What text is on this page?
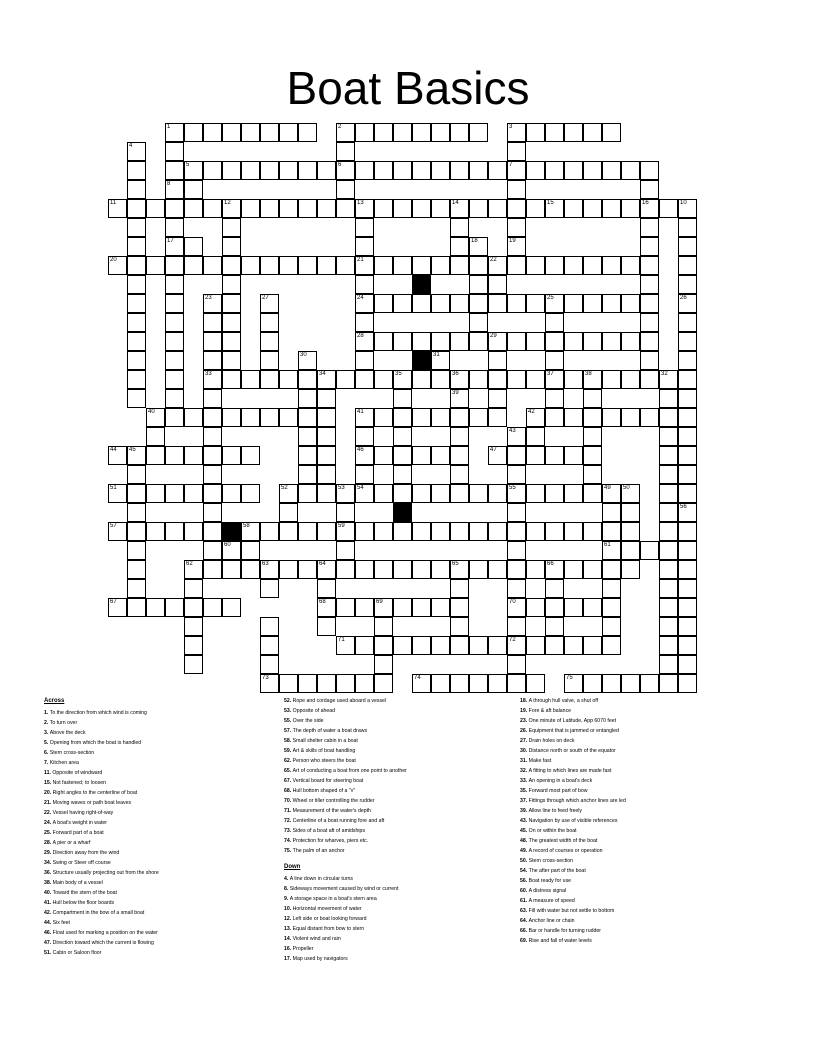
Boat Basics
1	2	3
4
5	6	7
8
11	12	13	14	15	16	10
17	18	19
20	21	22
23	27	24	25	26
28	29
30	31
33	34	35	36	37	38	32
39
40	41	42
43
44 45	46	47
51	52	53 54	55	49 50
56
57	58	59
60	61
62	63	64	65	66
67	68	69	70
71	72
73	74	75
Across
1. To the direction from which wind is coming
2. To turn over
3. Above the deck
5. Opening from which the boat is handled
6. Stern cross-section
7. Kitchen area
11. Opposite of windward
15. Not fastened; to loosen
20. Right angles to the centerline of boat
21. Moving waves or path boat leaves
22. Vessel having right-of-way
24. A boat's weight in water
25. Forward part of a boat
28. A pier or a wharf
29. Direction away from the wind
34. Swing or Steer off course
36. Structure usually projecting out from the shore
38. Main body of a vessel
40. Toward the stern of the boat
41. Hull below the floor boards
42. Compartment in the bow of a small boat
44. Six feet
46. Float used for marking a position on the water
47. Direction toward which the current is flowing
51. Cabin or Saloon floor
52. Rope and cordage used aboard a vessel
53. Opposite of ahead
55. Over the side
57. The depth of water a boat draws
58. Small shelter cabin in a boat
59. Art & skills of boat handling
62. Person who steers the boat
65. Art of conducting a boat from one point to another
67. Vertical board for steering boat
68. Hull bottom shaped of a "v"
70. Wheel or tiller controlling the rudder
71. Measurement of the water's depth
72. Centerline of a boat running fore and aft
73. Sides of a boat aft of amidships
74. Protection for wharves, piers etc.
75. The palm of an anchor
Down
4. A line down in circular turns
8. Sideways movement caused by wind or current
9. A storage space in a boat's stern area
10. Horizontal movement of water
12. Left side or boat looking forward
13. Equal distant from bow to stern
14. Violent wind and rain
16. Propeller
17. Map used by navigators
18. A through hull valve, a shut off
19. Fore & aft balance
23. One minute of Latitude, App 6070 feet
26. Equipment that is jammed or entangled
27. Drain holes on deck
30. Distance north or south of the equator
31. Make fast
32. A fitting to which lines are made fast
33. An opening in a boat's deck
35. Forward most part of bow
37. Fittings through which anchor lines are led
39. Allow line to feed freely
43. Navigation by use of visible references
45. On or within the boat
48. The greatest width of the boat
49. A record of courses or operation
50. Stern cross-section
54. The after part of the boat
56. Boat ready for use
60. A distress signal
61. A measure of speed
63. Fill with water but not settle to bottom
64. Anchor line or chain
66. Bar or handle for turning rudder
69. Rise and fall of water levels
